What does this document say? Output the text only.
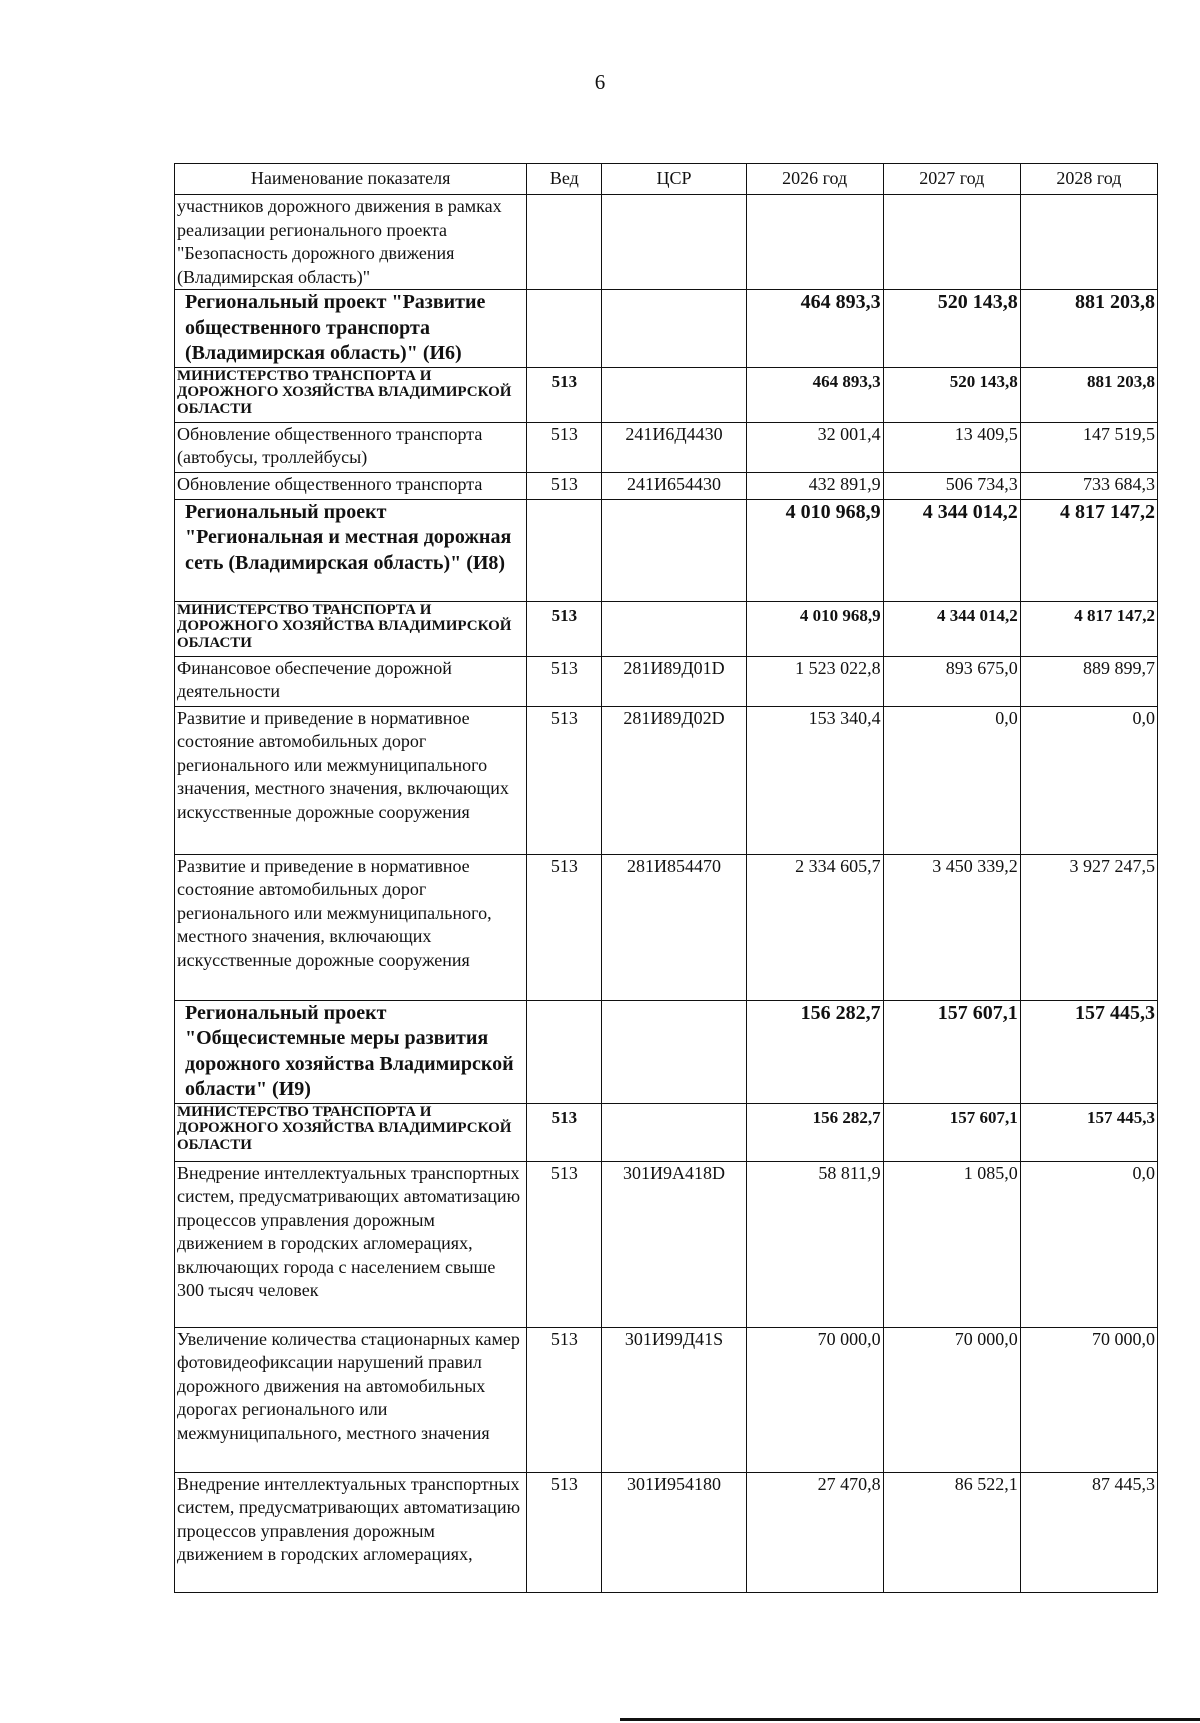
6
Наименование показателя	Вед	ЦСР	2026 год	2027 год	2028 год
участников дорожного движения в рамках реализации регионального проекта "Безопасность дорожного движения (Владимирская область)"					
Региональный проект "Развитие общественного транспорта (Владимирская область)" (И6)			464 893,3	520 143,8	881 203,8
МИНИСТЕРСТВО ТРАНСПОРТА И ДОРОЖНОГО ХОЗЯЙСТВА ВЛАДИМИРСКОЙ ОБЛАСТИ	513		464 893,3	520 143,8	881 203,8
Обновление общественного транспорта (автобусы, троллейбусы)	513	241И6Д4430	32 001,4	13 409,5	147 519,5
Обновление общественного транспорта	513	241И654430	432 891,9	506 734,3	733 684,3
Региональный проект "Региональная и местная дорожная сеть (Владимирская область)" (И8)			4 010 968,9	4 344 014,2	4 817 147,2
МИНИСТЕРСТВО ТРАНСПОРТА И ДОРОЖНОГО ХОЗЯЙСТВА ВЛАДИМИРСКОЙ ОБЛАСТИ	513		4 010 968,9	4 344 014,2	4 817 147,2
Финансовое обеспечение дорожной деятельности	513	281И89Д01D	1 523 022,8	893 675,0	889 899,7
Развитие и приведение в нормативное состояние автомобильных дорог регионального или межмуниципального значения, местного значения, включающих искусственные дорожные сооружения	513	281И89Д02D	153 340,4	0,0	0,0
Развитие и приведение в нормативное состояние автомобильных дорог регионального или межмуниципального, местного значения, включающих искусственные дорожные сооружения	513	281И854470	2 334 605,7	3 450 339,2	3 927 247,5
Региональный проект "Общесистемные меры развития дорожного хозяйства Владимирской области" (И9)			156 282,7	157 607,1	157 445,3
МИНИСТЕРСТВО ТРАНСПОРТА И ДОРОЖНОГО ХОЗЯЙСТВА ВЛАДИМИРСКОЙ ОБЛАСТИ	513		156 282,7	157 607,1	157 445,3
Внедрение интеллектуальных транспортных систем, предусматривающих автоматизацию процессов управления дорожным движением в городских агломерациях, включающих города с населением свыше 300 тысяч человек	513	301И9А418D	58 811,9	1 085,0	0,0
Увеличение количества стационарных камер фотовидеофиксации нарушений правил дорожного движения на автомобильных дорогах регионального или межмуниципального, местного значения	513	301И99Д41S	70 000,0	70 000,0	70 000,0
Внедрение интеллектуальных транспортных систем, предусматривающих автоматизацию процессов управления дорожным движением в городских агломерациях,	513	301И954180	27 470,8	86 522,1	87 445,3
